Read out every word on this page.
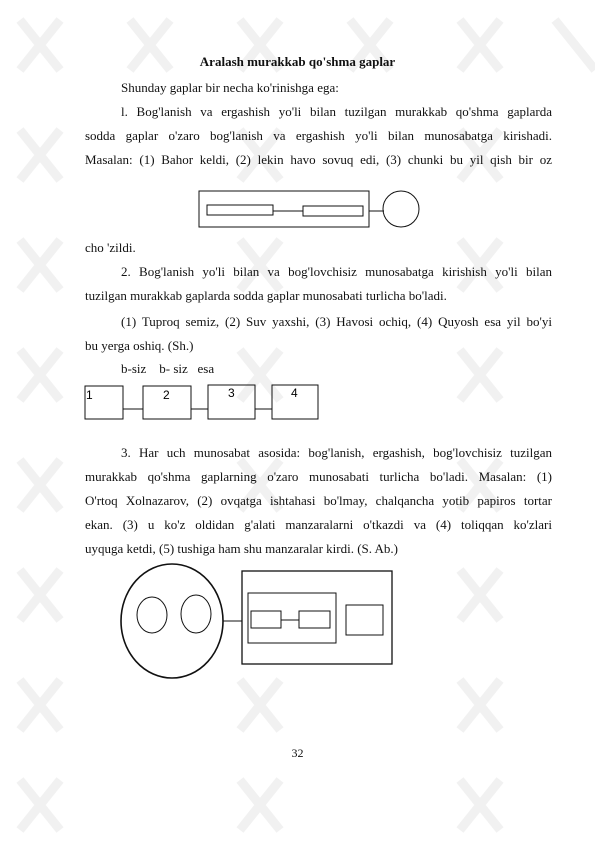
Aralash murakkab qo'shma gaplar

Shunday gaplar bir necha ko'rinishga ega:

l. Bog'lanish va ergashish yo'li bilan tuzilgan murakkab qo'shma gaplarda

sodda gaplar o'zaro bog'lanish va ergashish yo'li bilan munosabatga kirishadi.

Masalan: (1) Bahor keldi, (2) lekin havo sovuq edi, (3) chunki bu yil qish bir oz

cho 'zildi.

2. Bog'lanish yo'li bilan va bog'lovchisiz munosabatga kirishish yo'li bilan

tuzilgan murakkab gaplarda sodda gaplar munosabati turlicha bo'ladi.

(1) Tuproq semiz, (2) Suv yaxshi, (3) Havosi ochiq, (4) Quyosh esa yil bo'yi

bu yerga oshiq. (Sh.)

b-siz    b- siz   esa

1	2	3	4

3. Har uch munosabat asosida: bog'lanish, ergashish, bog'lovchisiz tuzilgan

murakkab qo'shma gaplarning o'zaro munosabati turlicha bo'ladi. Masalan: (1)

O'rtoq Xolnazarov, (2) ovqatga ishtahasi bo'lmay, chalqancha yotib papiros tortar

ekan. (3) u ko'z oldidan g'alati manzaralarni o'tkazdi va (4) toliqqan ko'zlari

uyquga ketdi, (5) tushiga ham shu manzaralar kirdi. (S. Ab.)

32
